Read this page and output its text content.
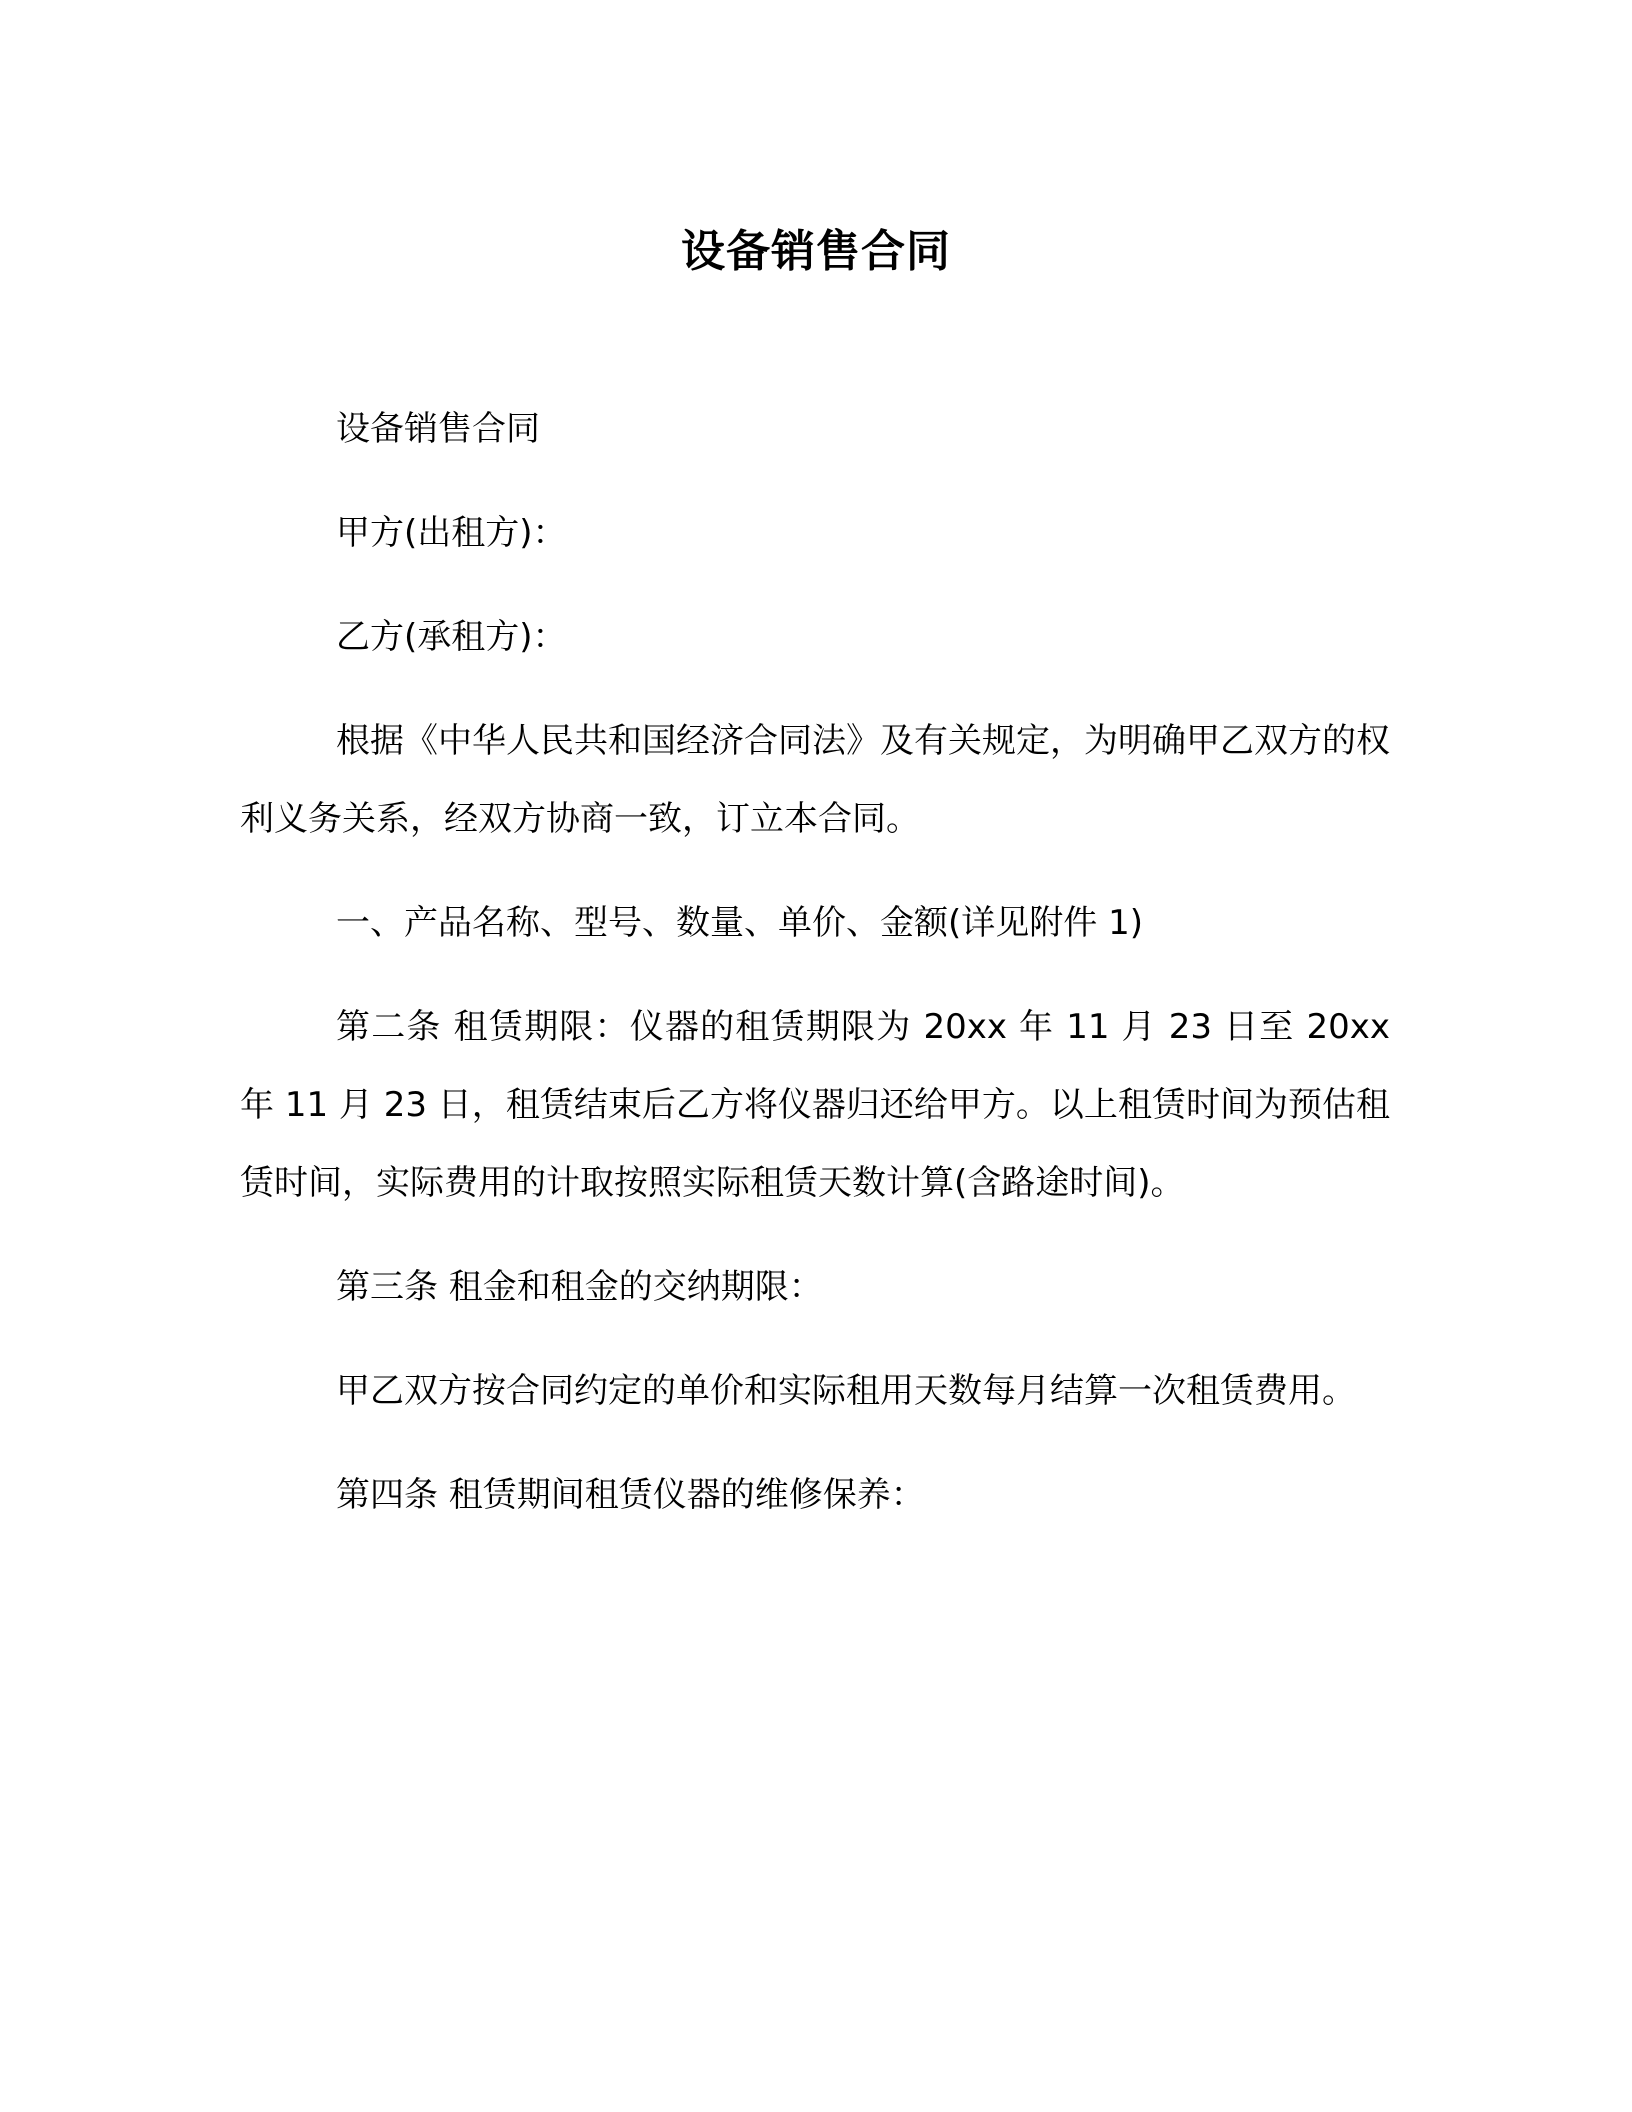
设备销售合同

设备销售合同

甲方(出租方)：

乙方(承租方)：

根据《中华人民共和国经济合同法》及有关规定，为明确甲乙双方的权利义务关系，经双方协商一致，订立本合同。

一、产品名称、型号、数量、单价、金额(详见附件 1)

第二条 租赁期限：仪器的租赁期限为 20xx 年 11 月 23 日至 20xx 年 11 月 23 日，租赁结束后乙方将仪器归还给甲方。以上租赁时间为预估租赁时间，实际费用的计取按照实际租赁天数计算(含路途时间)。

第三条 租金和租金的交纳期限：

甲乙双方按合同约定的单价和实际租用天数每月结算一次租赁费用。

第四条 租赁期间租赁仪器的维修保养：
